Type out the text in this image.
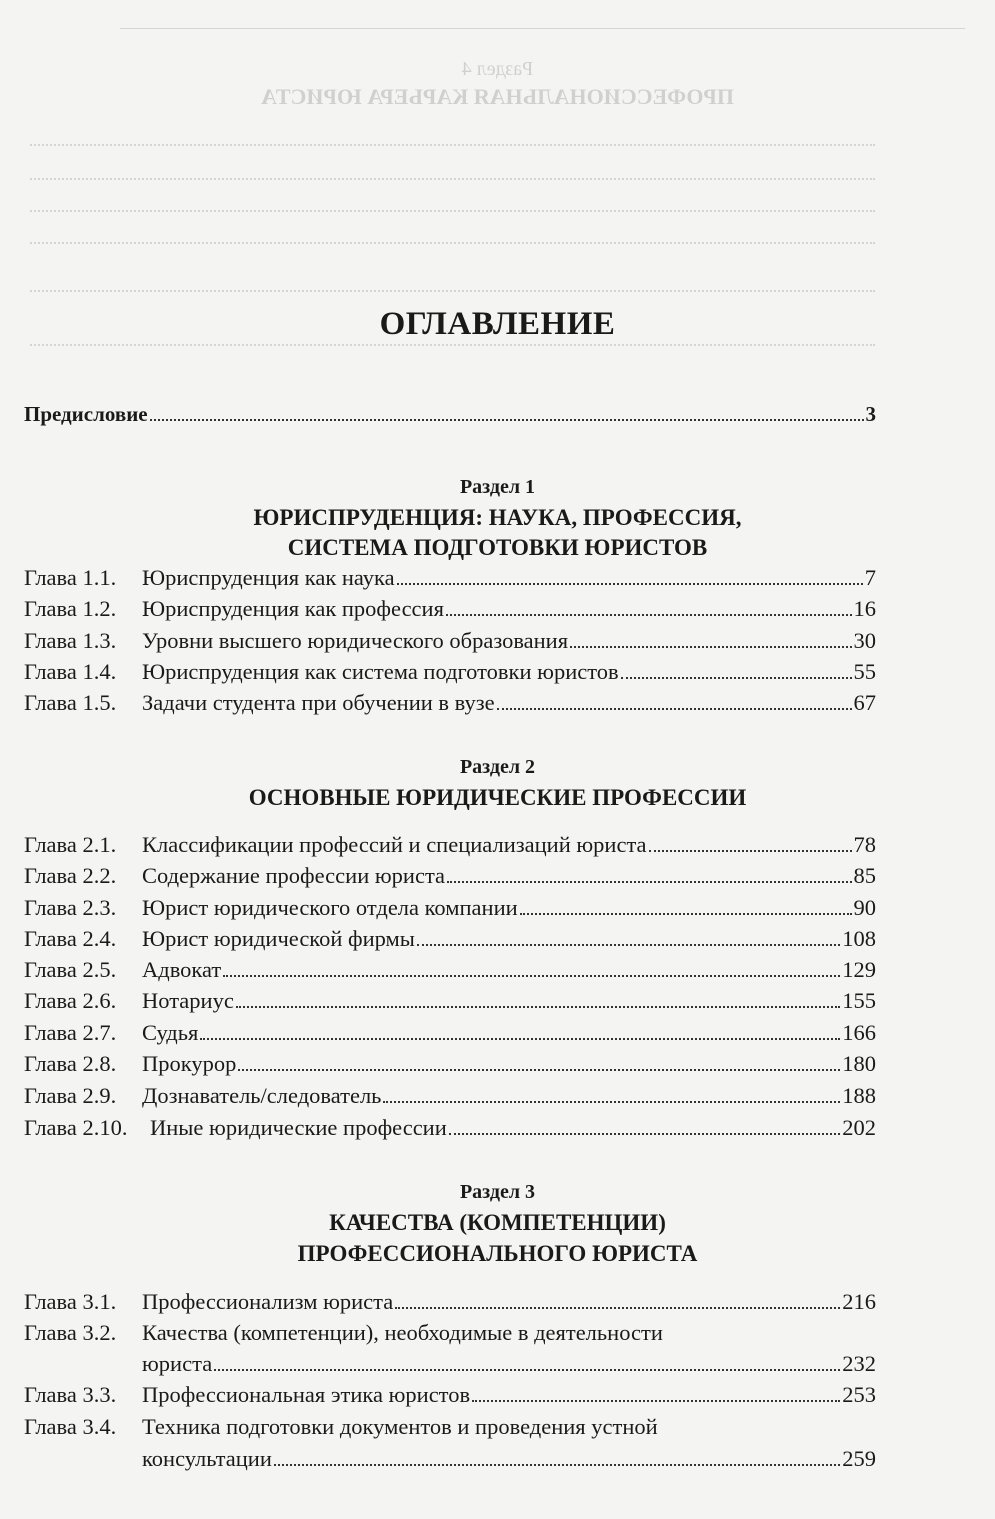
Раздел 4
ПРОФЕССИОНАЛЬНАЯ КАРЬЕРА ЮРИСТА
ОГЛАВЛЕНИЕ
Предисловие	3
Раздел 1
ЮРИСПРУДЕНЦИЯ: НАУКА, ПРОФЕССИЯ,
СИСТЕМА ПОДГОТОВКИ ЮРИСТОВ
Глава 1.1.	Юриспруденция как наука	7
Глава 1.2.	Юриспруденция как профессия	16
Глава 1.3.	Уровни высшего юридического образования	30
Глава 1.4.	Юриспруденция как система подготовки юристов	55
Глава 1.5.	Задачи студента при обучении в вузе	67
Раздел 2
ОСНОВНЫЕ ЮРИДИЧЕСКИЕ ПРОФЕССИИ
Глава 2.1.	Классификации профессий и специализаций юриста	78
Глава 2.2.	Содержание профессии юриста	85
Глава 2.3.	Юрист юридического отдела компании	90
Глава 2.4.	Юрист юридической фирмы	108
Глава 2.5.	Адвокат	129
Глава 2.6.	Нотариус	155
Глава 2.7.	Судья	166
Глава 2.8.	Прокурор	180
Глава 2.9.	Дознаватель/следователь	188
Глава 2.10.	Иные юридические профессии	202
Раздел 3
КАЧЕСТВА (КОМПЕТЕНЦИИ)
ПРОФЕССИОНАЛЬНОГО ЮРИСТА
Глава 3.1.	Профессионализм юриста	216
Глава 3.2.	Качества (компетенции), необходимые в деятельности
юриста	232
Глава 3.3.	Профессиональная этика юристов	253
Глава 3.4.	Техника подготовки документов и проведения устной
консультации	259
